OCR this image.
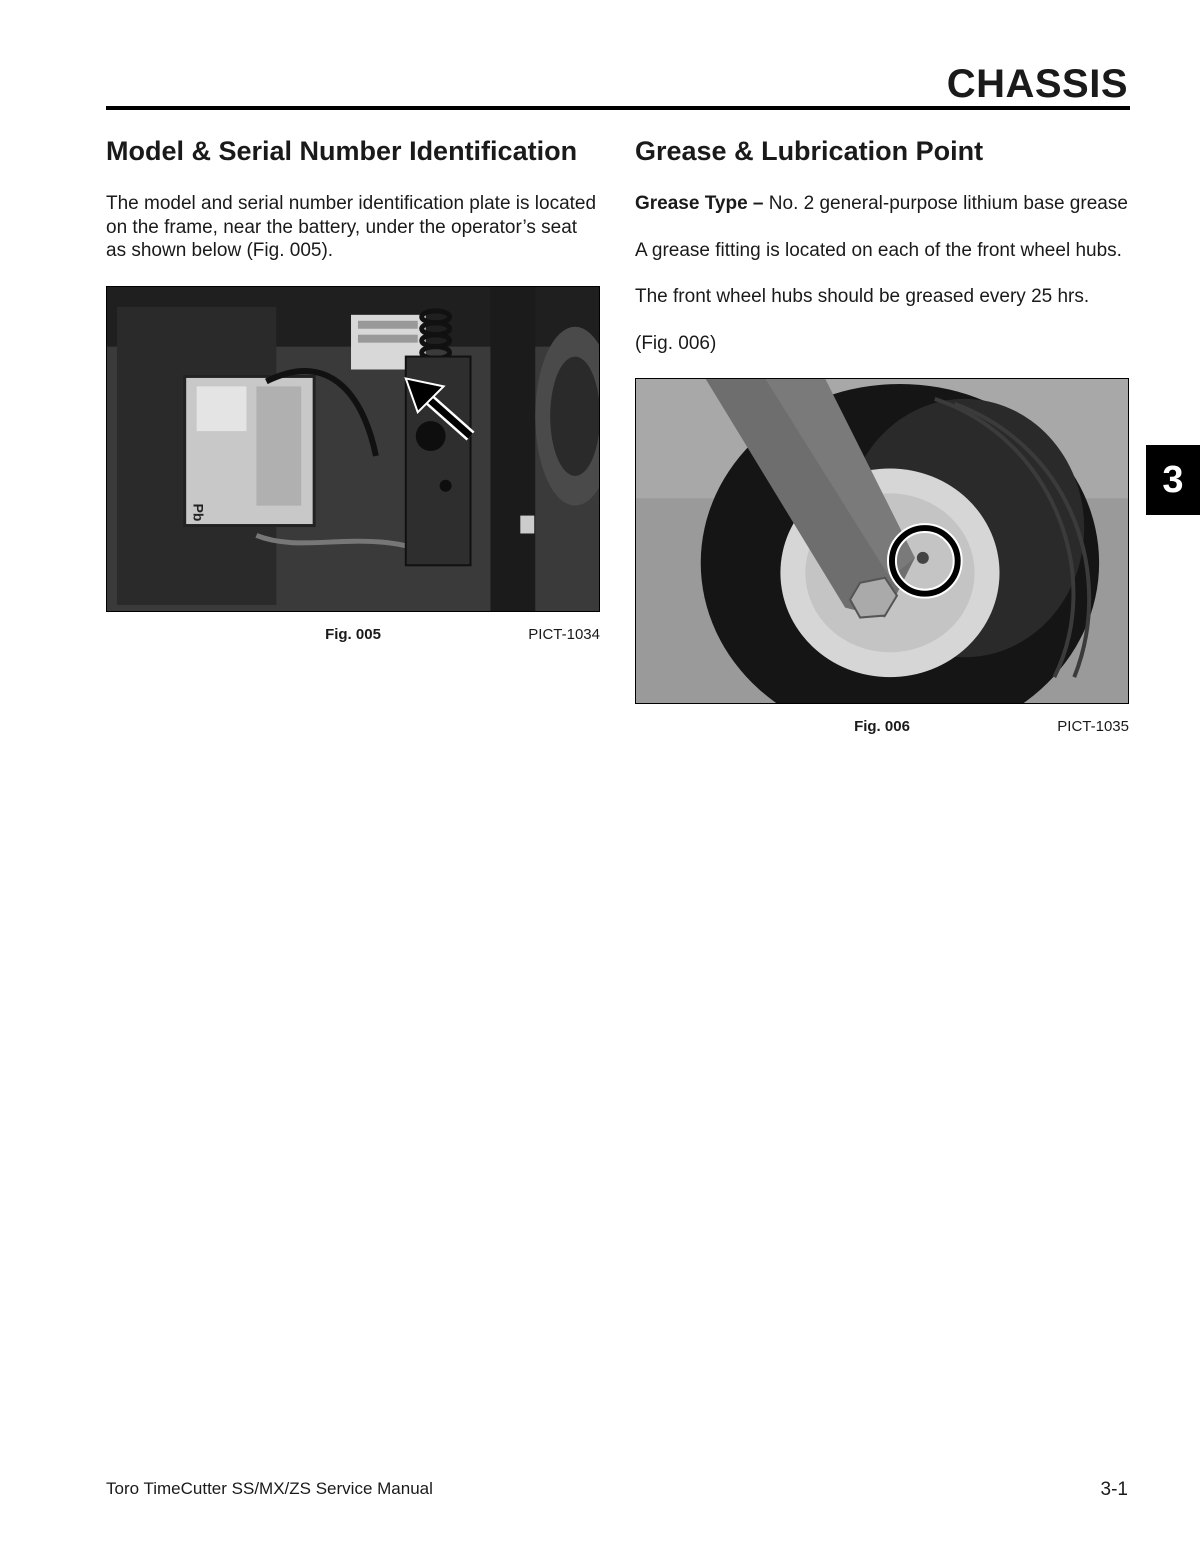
CHASSIS
Model & Serial Number Identification

The model and serial number identification plate is located on the frame, near the battery, under the operator’s seat as shown below (Fig. 005).

Pb
Fig. 005	PICT-1034
Grease & Lubrication Point

Grease Type – No. 2 general-purpose lithium base grease

A grease fitting is located on each of the front wheel hubs.

The front wheel hubs should be greased every 25 hrs.

(Fig. 006)

Fig. 006	PICT-1035
3
Toro TimeCutter SS/MX/ZS Service Manual	3-1
